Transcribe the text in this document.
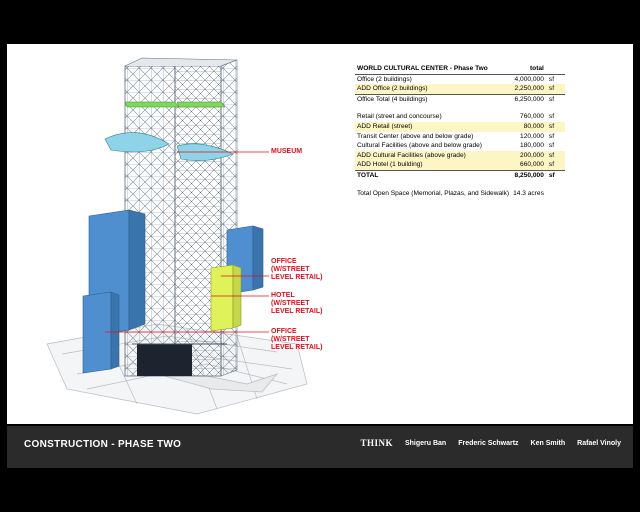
MUSEUM
OFFICE
(W/STREET
LEVEL RETAIL)
HOTEL
(W/STREET
LEVEL RETAIL)
OFFICE
(W/STREET
LEVEL RETAIL)
WORLD CULTURAL CENTER - Phase Two	total	
Office (2 buildings)	4,000,000	sf
ADD Office (2 buildings)	2,250,000	sf
Office Total (4 buildings)	6,250,000	sf

Retail (street and concourse)	760,000	sf
ADD Retail (street)	80,000	sf
Transit Center (above and below grade)	120,000	sf
Cultural Facilities (above and below grade)	180,000	sf
ADD Cultural Facilities (above grade)	200,000	sf
ADD Hotel (1 building)	660,000	sf
TOTAL	8,250,000	sf

Total Open Space (Memorial, Plazas, and Sidewalk)	14.3 acres	
CONSTRUCTION - PHASE TWO	THINK Shigeru Ban Frederic Schwartz Ken Smith Rafael Vinoly
